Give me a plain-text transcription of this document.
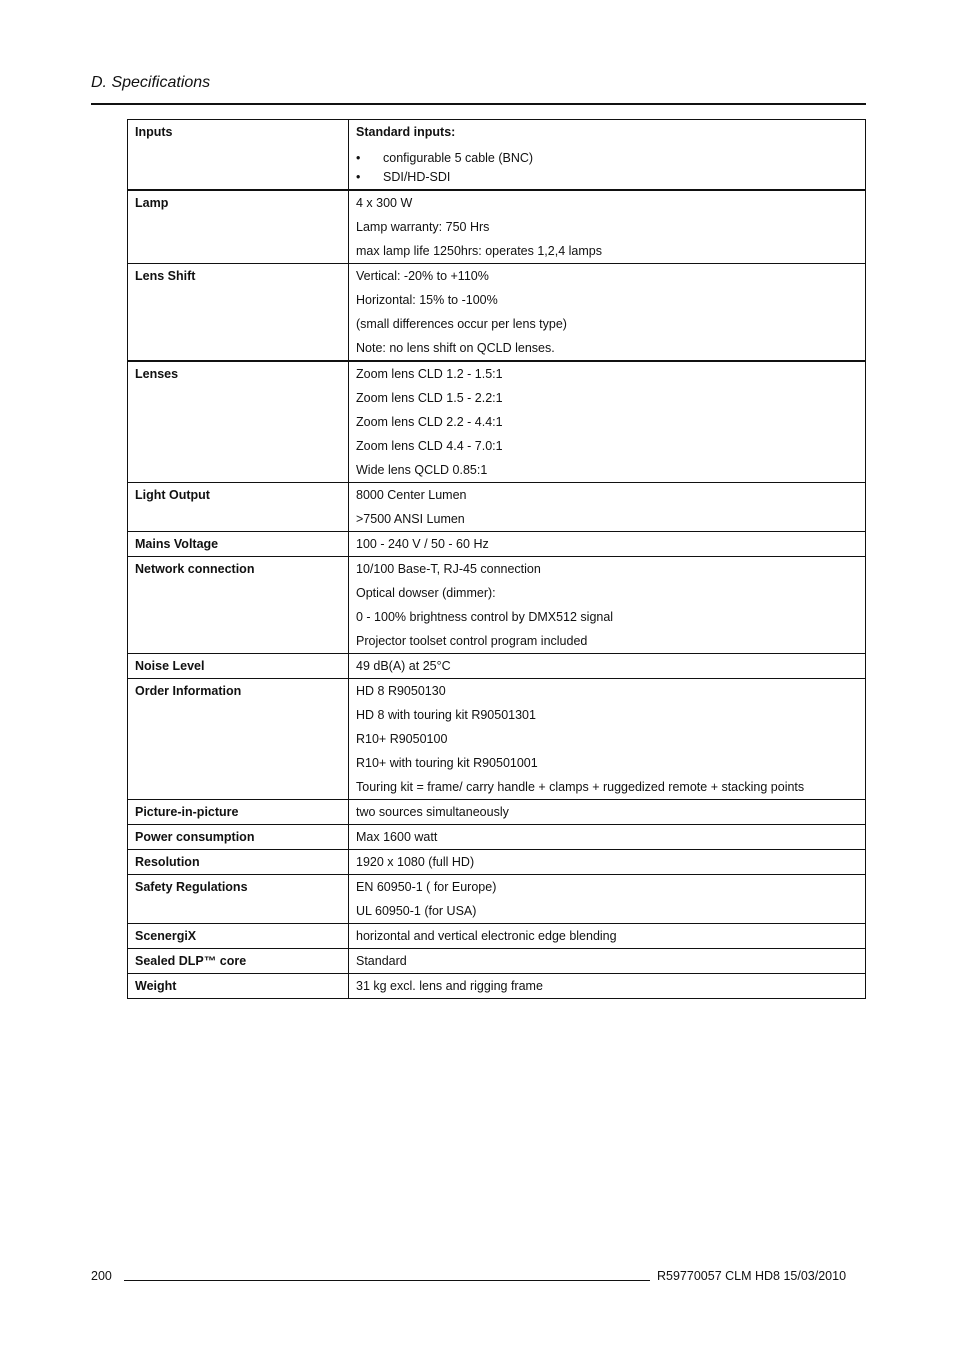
D. Specifications
Inputs	Standard inputs:
• configurable 5 cable (BNC)
• SDI/HD-SDI

Lamp	4 x 300 W
Lamp warranty: 750 Hrs
max lamp life 1250hrs: operates 1,2,4 lamps

Lens Shift	Vertical: -20% to +110%
Horizontal: 15% to -100%
(small differences occur per lens type)
Note: no lens shift on QCLD lenses.

Lenses	Zoom lens CLD 1.2 - 1.5:1
Zoom lens CLD 1.5 - 2.2:1
Zoom lens CLD 2.2 - 4.4:1
Zoom lens CLD 4.4 - 7.0:1
Wide lens QCLD 0.85:1

Light Output	8000 Center Lumen
>7500 ANSI Lumen

Mains Voltage	100 - 240 V / 50 - 60 Hz

Network connection	10/100 Base-T, RJ-45 connection
Optical dowser (dimmer):
0 - 100% brightness control by DMX512 signal
Projector toolset control program included

Noise Level	49 dB(A) at 25°C

Order Information	HD 8 R9050130
HD 8 with touring kit R90501301
R10+ R9050100
R10+ with touring kit R90501001
Touring kit = frame/ carry handle + clamps + ruggedized remote + stacking points

Picture-in-picture	two sources simultaneously

Power consumption	Max 1600 watt

Resolution	1920 x 1080 (full HD)

Safety Regulations	EN 60950-1 ( for Europe)
UL 60950-1 (for USA)

ScenergiX	horizontal and vertical electronic edge blending

Sealed DLP™ core	Standard

Weight	31 kg excl. lens and rigging frame
200	R59770057 CLM HD8 15/03/2010
